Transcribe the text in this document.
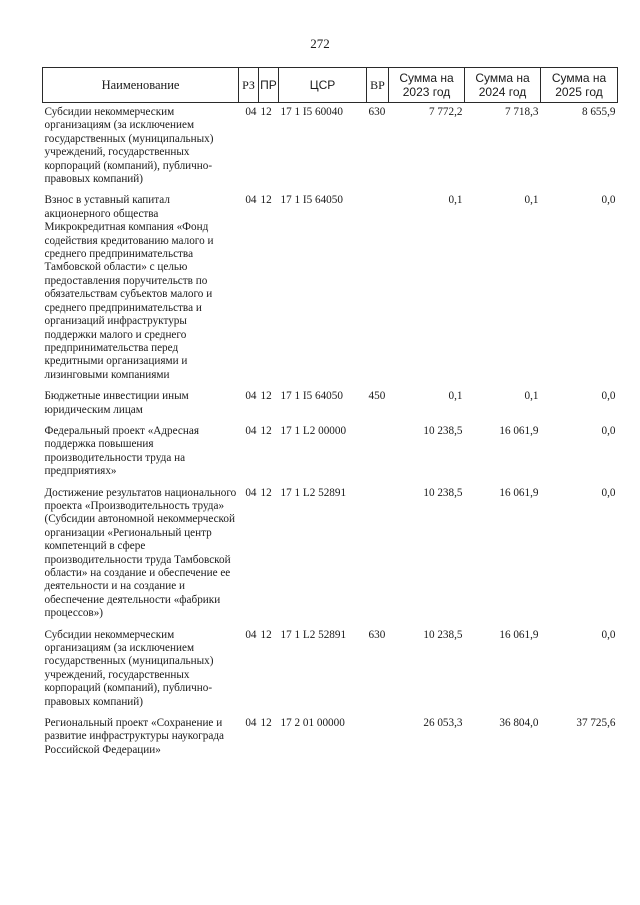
272
Наименование	РЗ	ПР	ЦСР	ВР	Сумма на 2023 год	Сумма на 2024 год	Сумма на 2025 год
Субсидии некоммерческим организациям (за исключением государственных (муниципальных) учреждений, государственных корпораций (компаний), публично-правовых компаний)	04	12	17 1 I5 60040	630	7 772,2	7 718,3	8 655,9
Взнос в уставный капитал акционерного общества Микрокредитная компания «Фонд содействия кредитованию малого и среднего предпринимательства Тамбовской области» с целью предоставления поручительств по обязательствам субъектов малого и среднего предпринимательства и организаций инфраструктуры поддержки малого и среднего предпринимательства перед кредитными организациями и лизинговыми компаниями	04	12	17 1 I5 64050		0,1	0,1	0,0
Бюджетные инвестиции иным юридическим лицам	04	12	17 1 I5 64050	450	0,1	0,1	0,0
Федеральный проект «Адресная поддержка повышения производительности труда на предприятиях»	04	12	17 1 L2 00000		10 238,5	16 061,9	0,0
Достижение результатов национального проекта «Производительность труда» (Субсидии автономной некоммерческой организации «Региональный центр компетенций в сфере производительности труда Тамбовской области» на создание и обеспечение ее деятельности и на создание и обеспечение деятельности «фабрики процессов»)	04	12	17 1 L2 52891		10 238,5	16 061,9	0,0
Субсидии некоммерческим организациям (за исключением государственных (муниципальных) учреждений, государственных корпораций (компаний), публично-правовых компаний)	04	12	17 1 L2 52891	630	10 238,5	16 061,9	0,0
Региональный проект «Сохранение и развитие инфраструктуры наукограда Российской Федерации»	04	12	17 2 01 00000		26 053,3	36 804,0	37 725,6
